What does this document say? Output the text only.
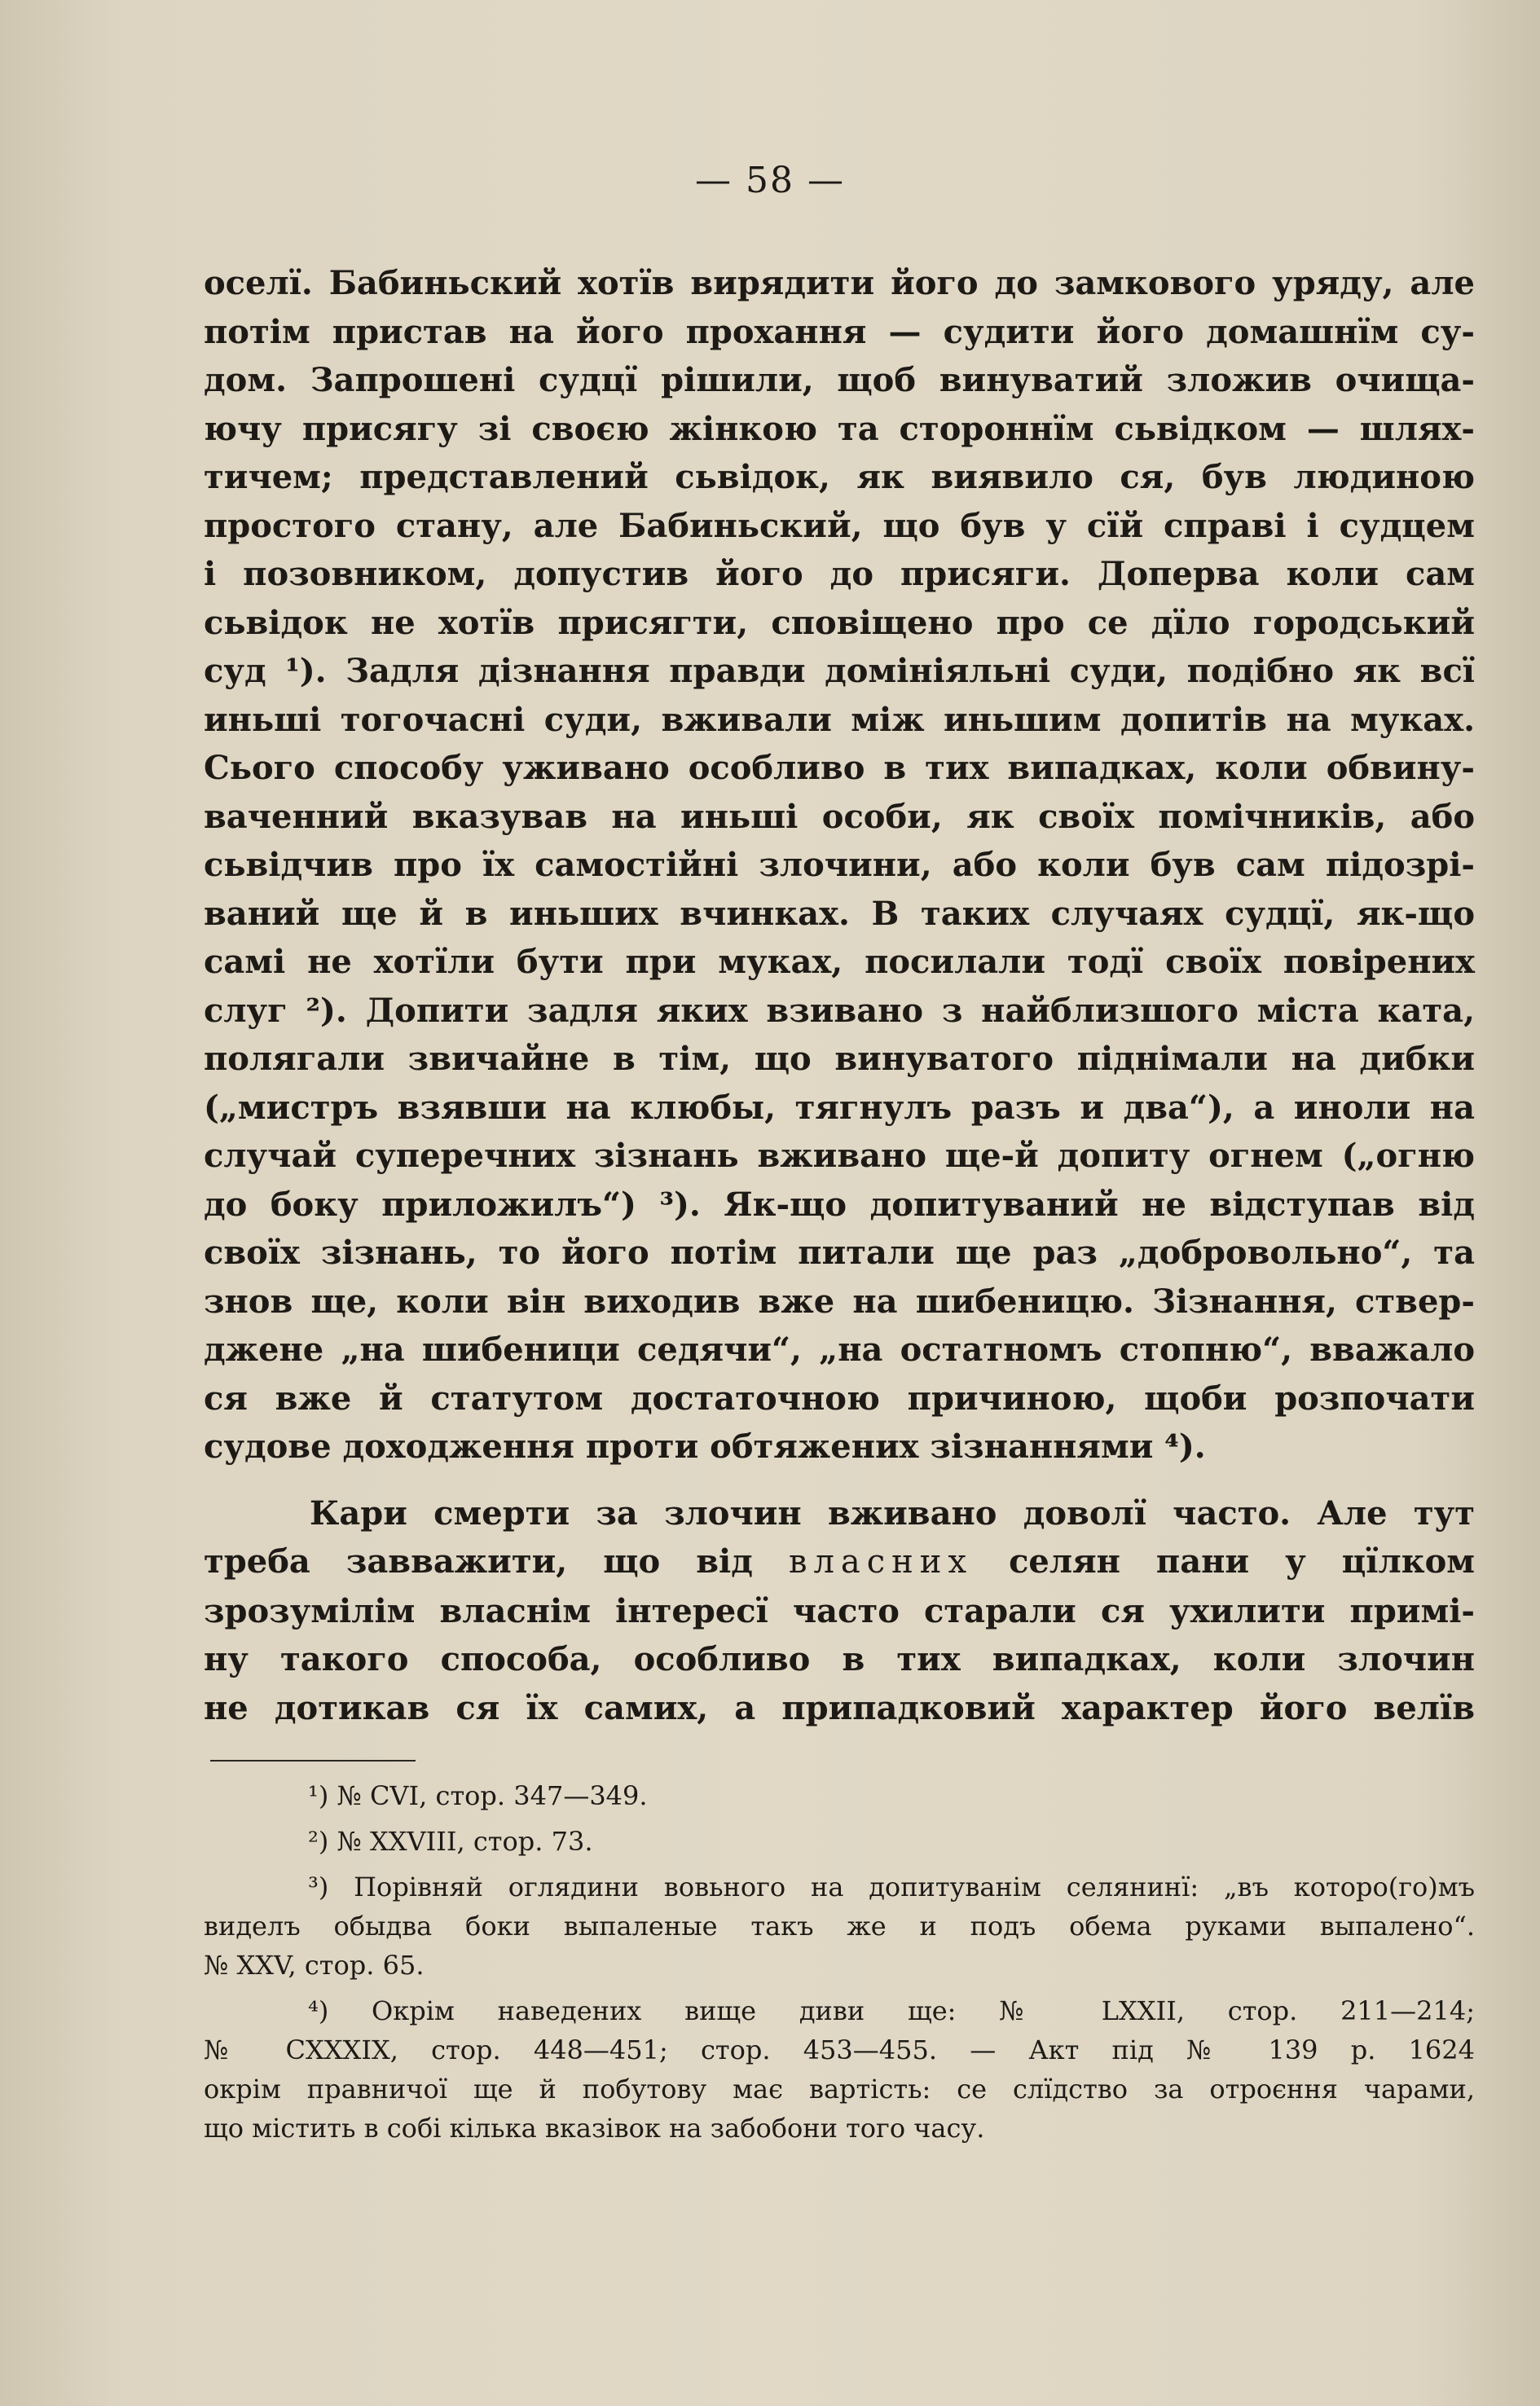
— 58 —
оселї. Бабиньский хотїв вирядити його до замкового уряду, але
потім пристав на його прохання — судити його домашнїм су-
дом. Запрошені судцї рішили, щоб винуватий зложив очища-
ючу присягу зі своєю жінкою та стороннїм сьвідком — шлях-
тичем; представлений сьвідок, як виявило ся, був людиною
простого стану, але Бабиньский, що був у сїй справі і судцем
і позовником, допустив його до присяги. Доперва коли сам
сьвідок не хотїв присягти, сповіщено про се дїло городський
суд ¹). Задля дізнання правди домініяльні суди, подібно як всї
иньші тогочасні суди, вживали між иньшим допитів на муках.
Сього способу уживано особливо в тих випадках, коли обвину-
ваченний вказував на иньші особи, як своїх помічників, або
сьвідчив про їх самостійні злочини, або коли був сам підозрі-
ваний ще й в иньших вчинках. В таких случаях судцї, як-що
самі не хотїли бути при муках, посилали тодї своїх повірених
слуг ²). Допити задля яких взивано з найблизшого міста ката,
полягали звичайне в тім, що винуватого піднімали на дибки
(„мистръ взявши на клюбы, тягнулъ разъ и два“), а иноли на
случай суперечних зізнань вживано ще-й допиту огнем („огню
до боку приложилъ“) ³). Як-що допитуваний не відступав від
своїх зізнань, то його потім питали ще раз „добровольно“, та
знов ще, коли він виходив вже на шибеницю. Зізнання, ствер-
джене „на шибеници седячи“, „на остатномъ стопню“, вважало
ся вже й статутом достаточною причиною, щоби розпочати
судове доходження проти обтяжених зізнаннями ⁴).
Кари смерти за злочин вживано доволї часто. Але тут
треба завважити, що від власних селян пани у цїлком
зрозумілім власнім інтересї часто старали ся ухилити примі-
ну такого способа, особливо в тих випадках, коли злочин
не дотикав ся їх самих, а припадковий характер його велїв
¹) № CVI, стор. 347—349.
²) № XXVIII, стор. 73.
³) Порівняй оглядини вовьного на допитуванім селянинї: „въ которо(го)мъ
виделъ обыдва боки выпаленые такъ же и подъ обема руками выпалено“.
№ XXV, стор. 65.
⁴) Окрім наведених вище диви ще: № LXXII, стор. 211—214;
№ CXXXIX, стор. 448—451; стор. 453—455. — Акт під № 139 р. 1624
окрім правничої ще й побутову має вартість: се слїдство за отроєння чарами,
що містить в собі кілька вказівок на забобони того часу.
